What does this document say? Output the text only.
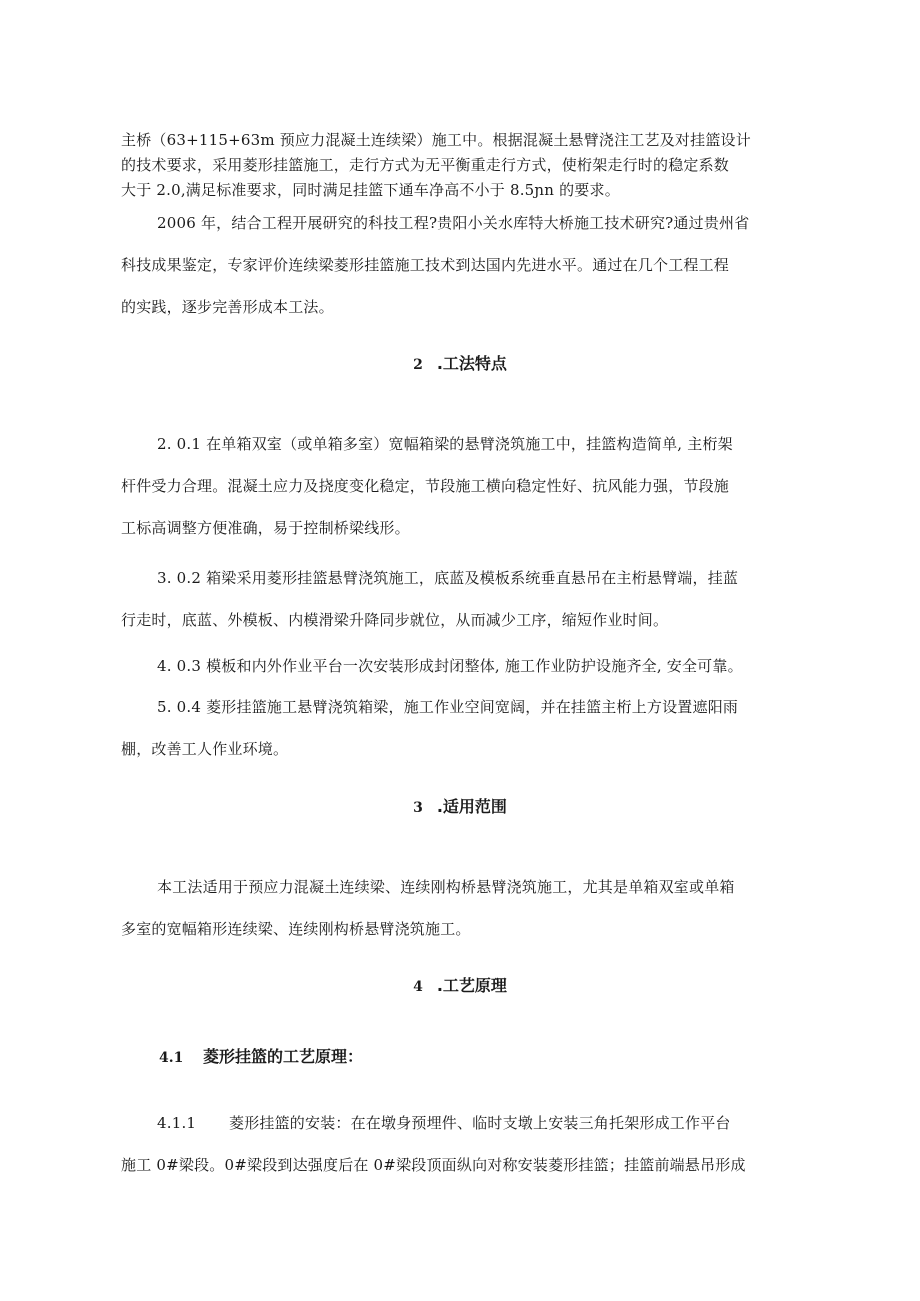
主桥（63+115+63m 预应力混凝土连续梁）施工中。根据混凝土悬臂浇注工艺及对挂篮设计
的技术要求，采用菱形挂篮施工，走行方式为无平衡重走行方式，使桁架走行时的稳定系数
大于 2.0,满足标准要求，同时满足挂篮下通车净高不小于 8.5ɲn 的要求。
2006 年，结合工程开展研究的科技工程?贵阳小关水库特大桥施工技术研究?通过贵州省
科技成果鉴定，专家评价连续梁菱形挂篮施工技术到达国内先进水平。通过在几个工程工程
的实践，逐步完善形成本工法。
2 .工法特点
2. 0.1 在单箱双室（或单箱多室）宽幅箱梁的悬臂浇筑施工中，挂篮构造简单, 主桁架
杆件受力合理。混凝土应力及挠度变化稳定，节段施工横向稳定性好、抗风能力强，节段施
工标高调整方便准确，易于控制桥梁线形。
3. 0.2 箱梁采用菱形挂篮悬臂浇筑施工，底蓝及模板系统垂直悬吊在主桁悬臂端，挂蓝
行走时，底蓝、外模板、内模滑梁升降同步就位，从而减少工序，缩短作业时间。
4. 0.3 模板和内外作业平台一次安装形成封闭整体, 施工作业防护设施齐全, 安全可靠。
5. 0.4 菱形挂篮施工悬臂浇筑箱梁，施工作业空间宽阔，并在挂篮主桁上方设置遮阳雨
棚，改善工人作业环境。
3 .适用范围
本工法适用于预应力混凝土连续梁、连续刚构桥悬臂浇筑施工，尤其是单箱双室或单箱
多室的宽幅箱形连续梁、连续刚构桥悬臂浇筑施工。
4 .工艺原理
4.1 菱形挂篮的工艺原理：
4.1.1 菱形挂篮的安装：在在墩身预埋件、临时支墩上安装三角托架形成工作平台
施工 0#梁段。0#梁段到达强度后在 0#梁段顶面纵向对称安装菱形挂篮；挂篮前端悬吊形成
